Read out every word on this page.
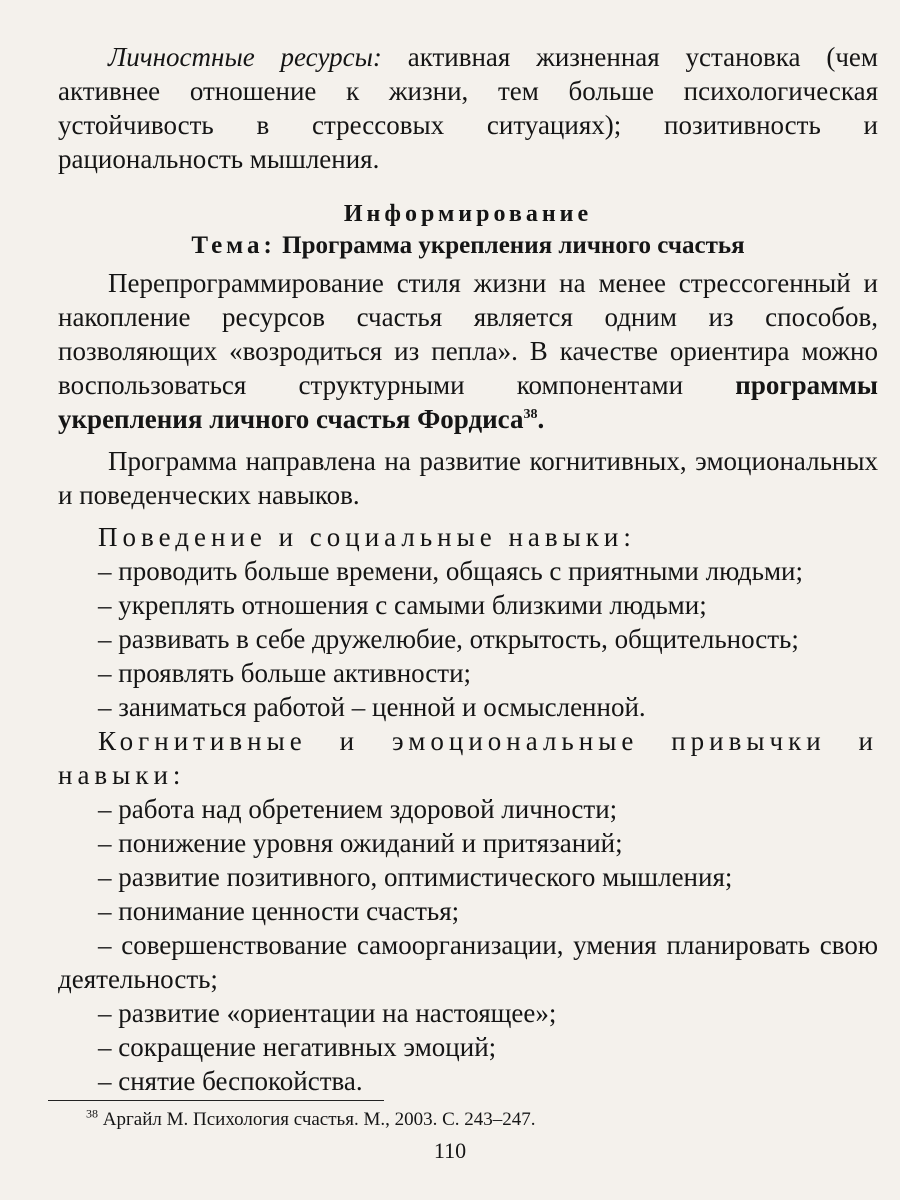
Личностные ресурсы: активная жизненная установка (чем активнее отношение к жизни, тем больше психологическая устойчивость в стрессовых ситуациях); позитивность и рациональность мышления.

Информирование
Тема: Программа укрепления личного счастья

Перепрограммирование стиля жизни на менее стрессогенный и накопление ресурсов счастья является одним из способов, позволяющих «возродиться из пепла». В качестве ориентира можно воспользоваться структурными компонентами программы укрепления личного счастья Фордиса$^{38}$.

Программа направлена на развитие когнитивных, эмоциональных и поведенческих навыков.

Поведение и социальные навыки:

– проводить больше времени, общаясь с приятными людьми;

– укреплять отношения с самыми близкими людьми;

– развивать в себе дружелюбие, открытость, общительность;

– проявлять больше активности;

– заниматься работой – ценной и осмысленной.

Когнитивные и эмоциональные привычки и навыки:

– работа над обретением здоровой личности;

– понижение уровня ожиданий и притязаний;

– развитие позитивного, оптимистического мышления;

– понимание ценности счастья;

– совершенствование самоорганизации, умения планировать свою деятельность;

– развитие «ориентации на настоящее»;

– сокращение негативных эмоций;

– снятие беспокойства.

$^{38}$ Аргайл М. Психология счастья. М., 2003. С. 243–247.
110
